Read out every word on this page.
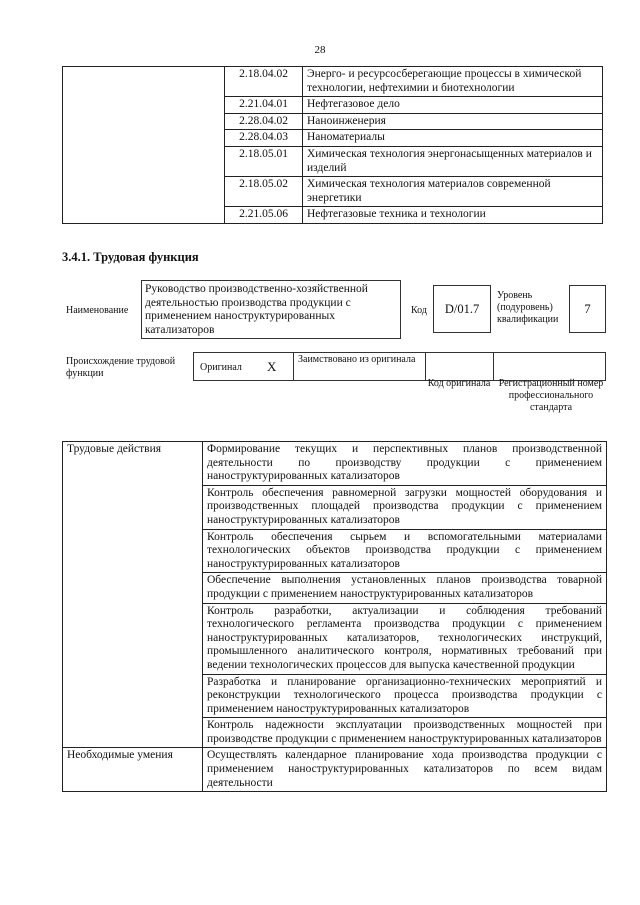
28
	2.18.04.02	Энерго- и ресурсосберегающие процессы в химической технологии, нефтехимии и биотехнологии
	2.21.04.01	Нефтегазовое дело
	2.28.04.02	Наноинженерия
	2.28.04.03	Наноматериалы
	2.18.05.01	Химическая технология энергонасыщенных материалов и изделий
	2.18.05.02	Химическая технология материалов современной энергетики
	2.21.05.06	Нефтегазовые техника и технологии
3.4.1. Трудовая функция
Наименование
Руководство производственно-хозяйственной деятельностью производства продукции с применением наноструктурированных катализаторов
Код	D/01.7
Уровень (подуровень) квалификации
7
Происхождение трудовой функции
Оригинал X Заимствовано из оригинала
Код оригинала Регистрационный номер профессионального стандарта
Трудовые действия	Формирование текущих и перспективных планов производственной деятельности по производству продукции с применением наноструктурированных катализаторов
	Контроль обеспечения равномерной загрузки мощностей оборудования и производственных площадей производства продукции с применением наноструктурированных катализаторов
	Контроль обеспечения сырьем и вспомогательными материалами технологических объектов производства продукции с применением наноструктурированных катализаторов
	Обеспечение выполнения установленных планов производства товарной продукции с применением наноструктурированных катализаторов
	Контроль разработки, актуализации и соблюдения требований технологического регламента производства продукции с применением наноструктурированных катализаторов, технологических инструкций, промышленного аналитического контроля, нормативных требований при ведении технологических процессов для выпуска качественной продукции
	Разработка и планирование организационно-технических мероприятий и реконструкции технологического процесса производства продукции с применением наноструктурированных катализаторов
	Контроль надежности эксплуатации производственных мощностей при производстве продукции с применением наноструктурированных катализаторов
Необходимые умения	Осуществлять календарное планирование хода производства продукции с применением наноструктурированных катализаторов по всем видам деятельности
